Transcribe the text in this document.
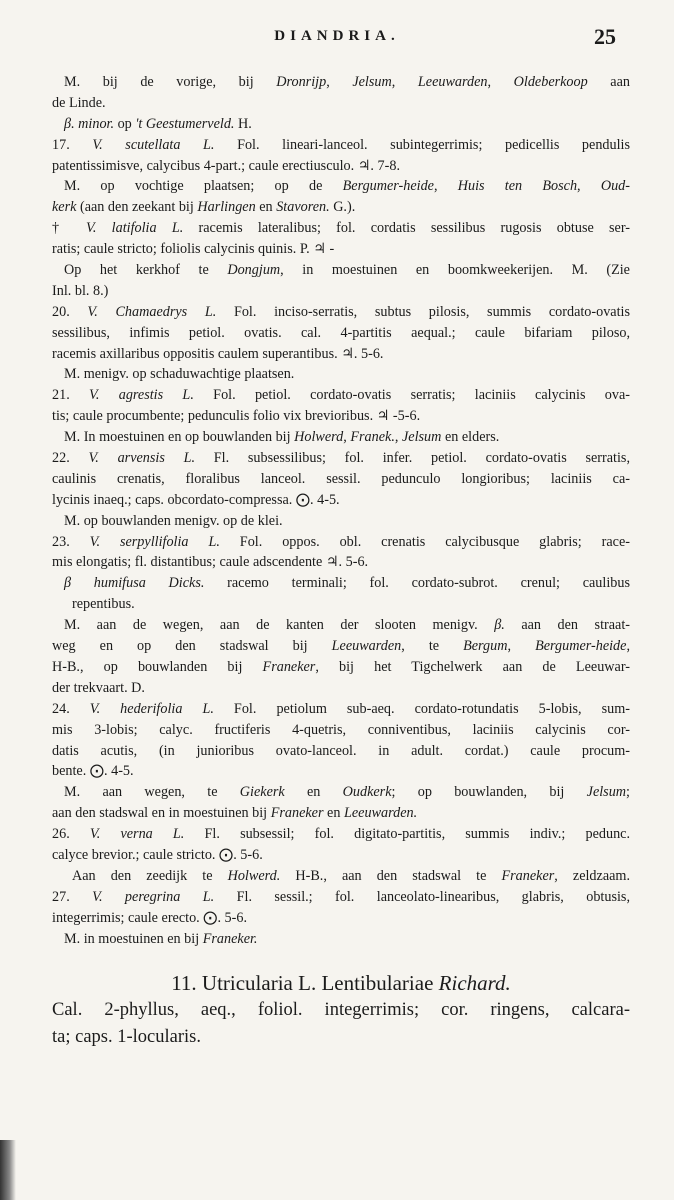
DIANDRIA.	25
M. bij de vorige, bij Dronrijp, Jelsum, Leeuwarden, Oldeberkoop aan
de Linde.
β. minor. op 't Geestumerveld. H.
17. V. scutellata L. Fol. lineari-lanceol. subintegerrimis; pedicellis pendulis
patentissimisve, calycibus 4-part.; caule erectiusculo. ♃. 7-8.
M. op vochtige plaatsen; op de Bergumer-heide, Huis ten Bosch, Oud-
kerk (aan den zeekant bij Harlingen en Stavoren. G.).
† V. latifolia L. racemis lateralibus; fol. cordatis sessilibus rugosis obtuse ser-
ratis; caule stricto; foliolis calycinis quinis. P. ♃ -
Op het kerkhof te Dongjum, in moestuinen en boomkweekerijen. M. (Zie
Inl. bl. 8.)
20. V. Chamaedrys L. Fol. inciso-serratis, subtus pilosis, summis cordato-ovatis
sessilibus, infimis petiol. ovatis. cal. 4-partitis aequal.; caule bifariam piloso,
racemis axillaribus oppositis caulem superantibus. ♃. 5-6.
M. menigv. op schaduwachtige plaatsen.
21. V. agrestis L. Fol. petiol. cordato-ovatis serratis; laciniis calycinis ova-
tis; caule procumbente; pedunculis folio vix brevioribus. ♃ -5-6.
M. In moestuinen en op bouwlanden bij Holwerd, Franek., Jelsum en elders.
22. V. arvensis L. Fl. subsessilibus; fol. infer. petiol. cordato-ovatis serratis,
caulinis crenatis, floralibus lanceol. sessil. pedunculo longioribus; laciniis ca-
lycinis inaeq.; caps. obcordato-compressa. ⨀. 4-5.
M. op bouwlanden menigv. op de klei.
23. V. serpyllifolia L. Fol. oppos. obl. crenatis calycibusque glabris; race-
mis elongatis; fl. distantibus; caule adscendente ♃. 5-6.
β humifusa Dicks. racemo terminali; fol. cordato-subrot. crenul; caulibus
repentibus.
M. aan de wegen, aan de kanten der slooten menigv. β. aan den straat-
weg en op den stadswal bij Leeuwarden, te Bergum, Bergumer-heide,
H-B., op bouwlanden bij Franeker, bij het Tigchelwerk aan de Leeuwar-
der trekvaart. D.
24. V. hederifolia L. Fol. petiolum sub-aeq. cordato-rotundatis 5-lobis, sum-
mis 3-lobis; calyc. fructiferis 4-quetris, conniventibus, laciniis calycinis cor-
datis acutis, (in junioribus ovato-lanceol. in adult. cordat.) caule procum-
bente. ⨀. 4-5.
M. aan wegen, te Giekerk en Oudkerk; op bouwlanden, bij Jelsum;
aan den stadswal en in moestuinen bij Franeker en Leeuwarden.
26. V. verna L. Fl. subsessil; fol. digitato-partitis, summis indiv.; pedunc.
calyce brevior.; caule stricto. ⨀. 5-6.
Aan den zeedijk te Holwerd. H-B., aan den stadswal te Franeker, zeldzaam.
27. V. peregrina L. Fl. sessil.; fol. lanceolato-linearibus, glabris, obtusis,
integerrimis; caule erecto. ⨀. 5-6.
M. in moestuinen en bij Franeker.
11. Utricularia L. Lentibulariae Richard.
Cal. 2-phyllus, aeq., foliol. integerrimis; cor. ringens, calcara-
ta; caps. 1-locularis.
